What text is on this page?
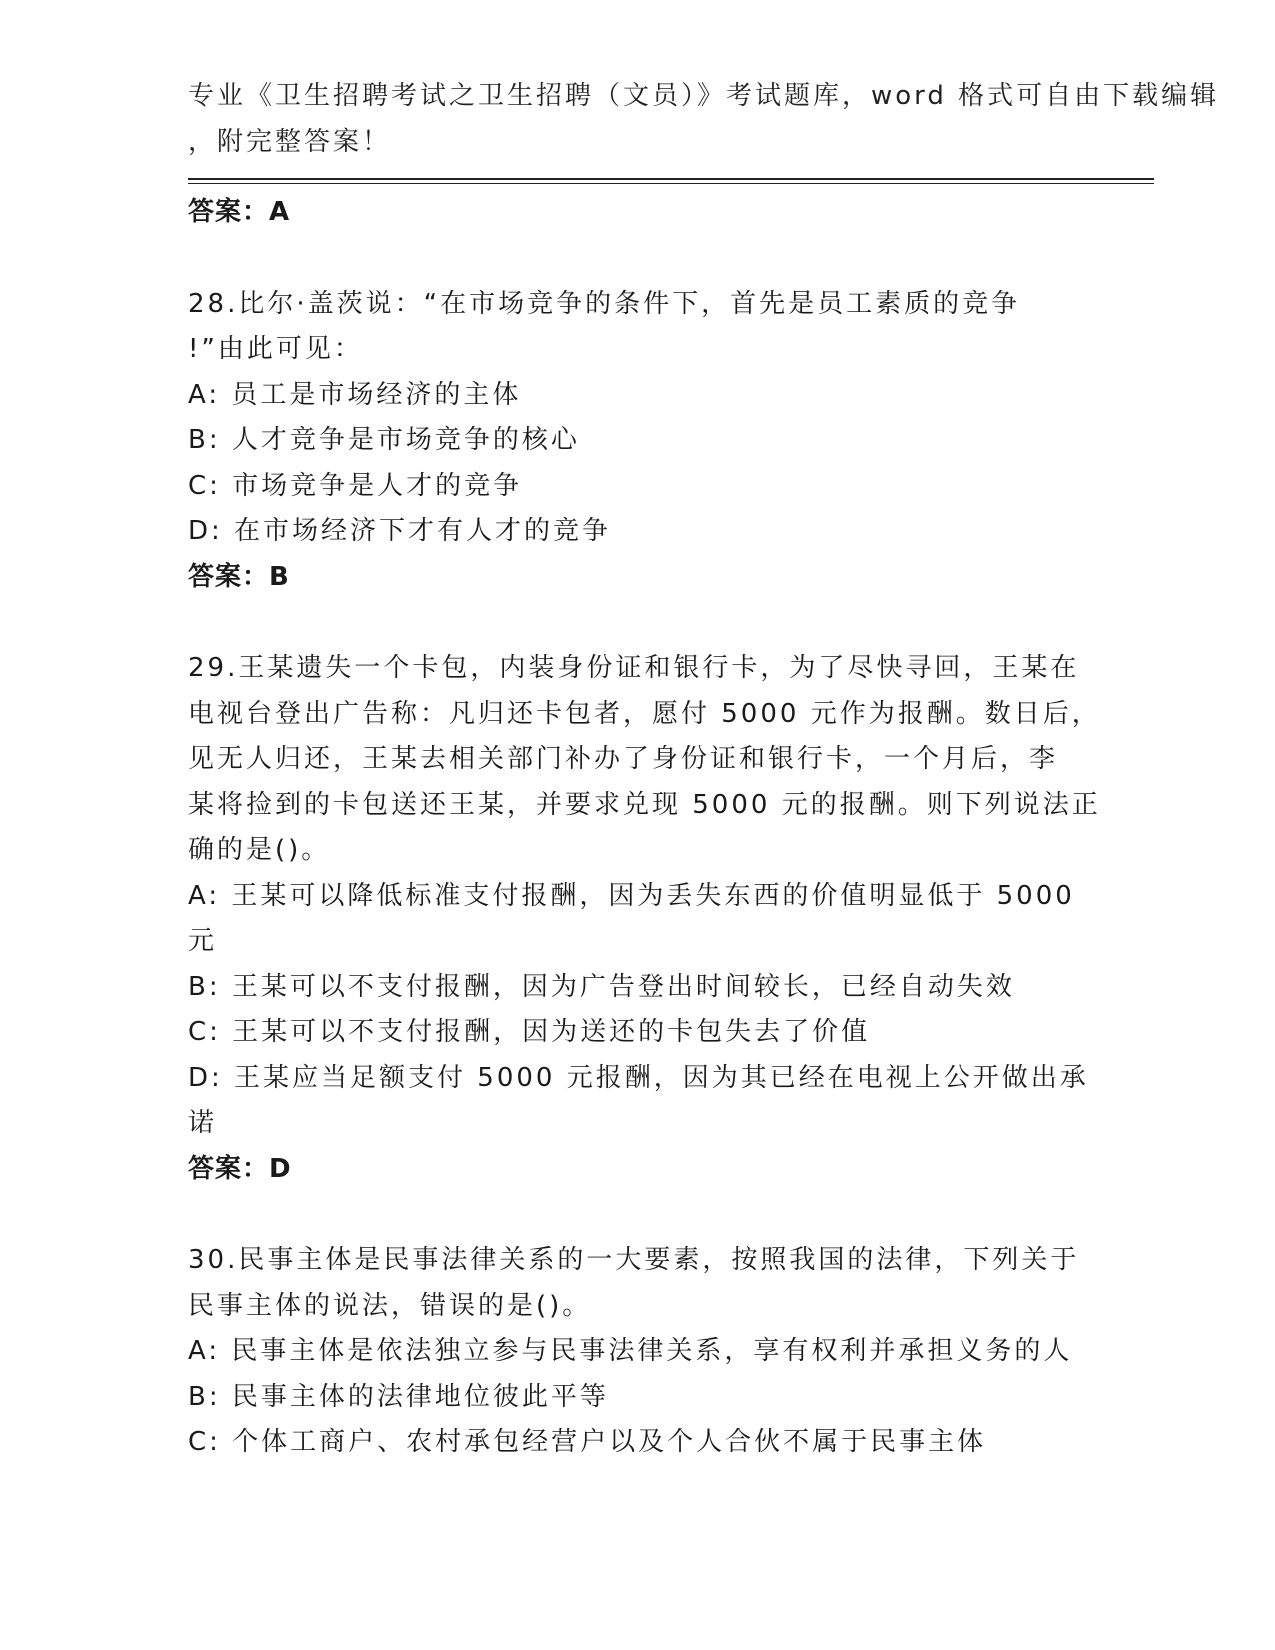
专业《卫生招聘考试之卫生招聘（文员）》考试题库，word 格式可自由下载编辑
，附完整答案！
答案：A
28.比尔·盖茨说：“在市场竞争的条件下，首先是员工素质的竞争
!”由此可见：
A: 员工是市场经济的主体
B: 人才竞争是市场竞争的核心
C: 市场竞争是人才的竞争
D: 在市场经济下才有人才的竞争
答案：B
29.王某遗失一个卡包，内装身份证和银行卡，为了尽快寻回，王某在
电视台登出广告称：凡归还卡包者，愿付 5000 元作为报酬。数日后，
见无人归还，王某去相关部门补办了身份证和银行卡，一个月后，李
某将捡到的卡包送还王某，并要求兑现 5000 元的报酬。则下列说法正
确的是()。
A: 王某可以降低标准支付报酬，因为丢失东西的价值明显低于 5000
元
B: 王某可以不支付报酬，因为广告登出时间较长，已经自动失效
C: 王某可以不支付报酬，因为送还的卡包失去了价值
D: 王某应当足额支付 5000 元报酬，因为其已经在电视上公开做出承
诺
答案：D
30.民事主体是民事法律关系的一大要素，按照我国的法律，下列关于
民事主体的说法，错误的是()。
A: 民事主体是依法独立参与民事法律关系，享有权利并承担义务的人
B: 民事主体的法律地位彼此平等
C: 个体工商户、农村承包经营户以及个人合伙不属于民事主体
